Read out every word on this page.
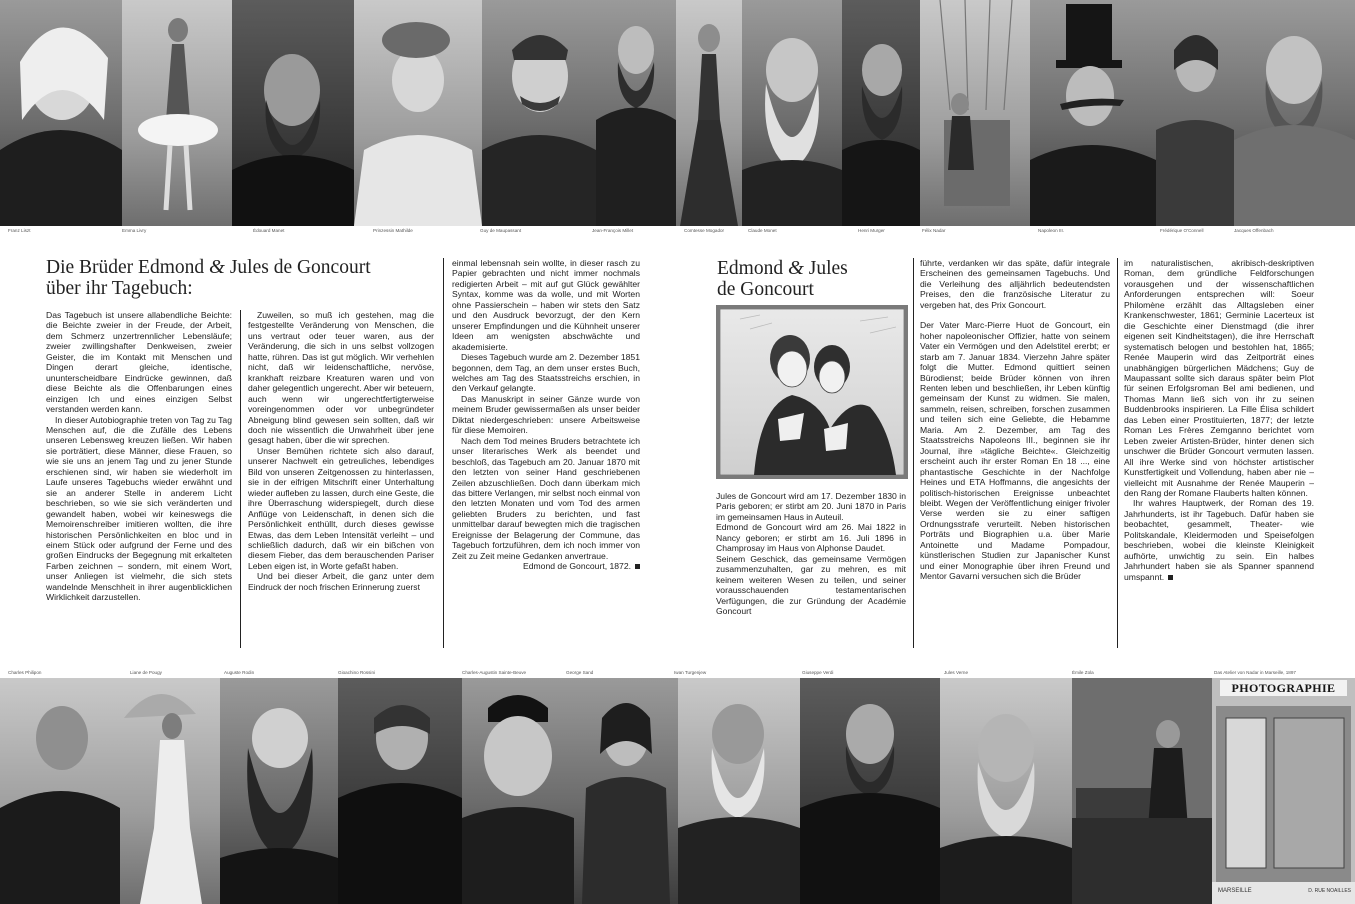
Franz Liszt	Emma Livry	Édouard Manet	Prinzessin Mathilde	Guy de Maupassant	Jean-François Millet	Comtesse Mogador	Claude Monet	Henri Murger	Félix Nadar	Napoleon III.	Frédérique O'Connell	Jacques Offenbach
Die Brüder Edmond & Jules de Goncourt
über ihr Tagebuch:

Das Tagebuch ist unsere allabendliche Beichte: die Beichte zweier in der Freude, der Arbeit, dem Schmerz unzertrennlicher Lebensläufe; zweier zwillingshafter Denkweisen, zweier Geister, die im Kontakt mit Menschen und Dingen derart gleiche, identische, ununterscheidbare Eindrücke gewinnen, daß diese Beichte als die Offenbarungen eines einzigen Ich und eines einzigen Selbst verstanden werden kann.

In dieser Autobiographie treten von Tag zu Tag Menschen auf, die die Zufälle des Lebens unseren Lebensweg kreuzen ließen. Wir haben sie porträtiert, diese Männer, diese Frauen, so wie sie uns an jenem Tag und zu jener Stunde erschienen sind, wir haben sie wiederholt im Laufe unseres Tagebuchs wieder erwähnt und sie an anderer Stelle in anderem Licht beschrieben, so wie sie sich veränderten und gewandelt haben, wobei wir keineswegs die Memoirenschreiber imitieren wollten, die ihre historischen Persönlichkeiten en bloc und in einem Stück oder aufgrund der Ferne und des großen Eindrucks der Begegnung mit erkalteten Farben zeichnen – sondern, mit einem Wort, unser Anliegen ist vielmehr, die sich stets wandelnde Menschheit in ihrer augenblicklichen Wirklichkeit darzustellen.

Zuweilen, so muß ich gestehen, mag die festgestellte Veränderung von Menschen, die uns vertraut oder teuer waren, aus der Veränderung, die sich in uns selbst vollzogen hatte, rühren. Das ist gut möglich. Wir verhehlen nicht, daß wir leidenschaftliche, nervöse, krankhaft reizbare Kreaturen waren und von daher gelegentlich ungerecht. Aber wir beteuern, auch wenn wir ungerechtfertigterweise voreingenommen oder vor unbegründeter Abneigung blind gewesen sein sollten, daß wir doch nie wissentlich die Unwahrheit über jene gesagt haben, über die wir sprechen.

Unser Bemühen richtete sich also darauf, unserer Nachwelt ein getreuliches, lebendiges Bild von unseren Zeitgenossen zu hinterlassen, sie in der eifrigen Mitschrift einer Unterhaltung wieder aufleben zu lassen, durch eine Geste, die ihre Überraschung widerspiegelt, durch diese Anflüge von Leidenschaft, in denen sich die Persönlichkeit enthüllt, durch dieses gewisse Etwas, das dem Leben Intensität verleiht – und schließlich dadurch, daß wir ein bißchen von diesem Fieber, das dem berauschenden Pariser Leben eigen ist, in Worte gefaßt haben.

Und bei dieser Arbeit, die ganz unter dem Eindruck der noch frischen Erinnerung zuerst

einmal lebensnah sein wollte, in dieser rasch zu Papier gebrachten und nicht immer nochmals redigierten Arbeit – mit auf gut Glück gewählter Syntax, komme was da wolle, und mit Worten ohne Passierschein – haben wir stets den Satz und den Ausdruck bevorzugt, der den Kern unserer Empfindungen und die Kühnheit unserer Ideen am wenigsten abschwächte und akademisierte.

Dieses Tagebuch wurde am 2. Dezember 1851 begonnen, dem Tag, an dem unser erstes Buch, welches am Tag des Staatsstreichs erschien, in den Verkauf gelangte.

Das Manuskript in seiner Gänze wurde von meinem Bruder gewissermaßen als unser beider Diktat niedergeschrieben: unsere Arbeitsweise für diese Memoiren.

Nach dem Tod meines Bruders betrachtete ich unser literarisches Werk als beendet und beschloß, das Tagebuch am 20. Januar 1870 mit den letzten von seiner Hand geschriebenen Zeilen abzuschließen. Doch dann überkam mich das bittere Verlangen, mir selbst noch einmal von den letzten Monaten und vom Tod des armen geliebten Bruders zu berichten, und fast unmittelbar darauf bewegten mich die tragischen Ereignisse der Belagerung der Commune, das Tagebuch fortzuführen, dem ich noch immer von Zeit zu Zeit meine Gedanken anvertraue.

Edmond de Goncourt, 1872.

Edmond & Jules
de Goncourt

Jules de Goncourt wird am 17. Dezember 1830 in Paris geboren; er stirbt am 20. Juni 1870 in Paris im gemeinsamen Haus in Auteuil.

Edmond de Goncourt wird am 26. Mai 1822 in Nancy geboren; er stirbt am 16. Juli 1896 in Champrosay im Haus von Alphonse Daudet.

Seinem Geschick, das gemeinsame Vermögen zusammenzuhalten, gar zu mehren, es mit keinem weiteren Wesen zu teilen, und seiner vorausschauenden testamentarischen Verfügungen, die zur Gründung der Académie Goncourt

führte, verdanken wir das späte, dafür integrale Erscheinen des gemeinsamen Tagebuchs. Und die Verleihung des alljährlich bedeutendsten Preises, den die französische Literatur zu vergeben hat, des Prix Goncourt.

Der Vater Marc-Pierre Huot de Goncourt, ein hoher napoleonischer Offizier, hatte von seinem Vater ein Vermögen und den Adelstitel ererbt; er starb am 7. Januar 1834. Vierzehn Jahre später folgt die Mutter. Edmond quittiert seinen Bürodienst; beide Brüder können von ihren Renten leben und beschließen, ihr Leben künftig gemeinsam der Kunst zu widmen. Sie malen, sammeln, reisen, schreiben, forschen zusammen und teilen sich eine Geliebte, die Hebamme Maria. Am 2. Dezember, am Tag des Staatsstreichs Napoleons III., beginnen sie ihr Journal, ihre »tägliche Beichte«. Gleichzeitig erscheint auch ihr erster Roman En 18 ..., eine phantastische Geschichte in der Nachfolge Heines und ETA Hoffmanns, die angesichts der politisch-historischen Ereignisse unbeachtet bleibt. Wegen der Veröffentlichung einiger frivoler Verse werden sie zu einer saftigen Ordnungsstrafe verurteilt. Neben historischen Porträts und Biographien u.a. über Marie Antoinette und Madame Pompadour, künstlerischen Studien zur Japanischer Kunst und einer Monographie über ihren Freund und Mentor Gavarni versuchen sich die Brüder

im naturalistischen, akribisch-deskriptiven Roman, dem gründliche Feldforschungen vorausgehen und der wissenschaftlichen Anforderungen entsprechen will: Soeur Philomène erzählt das Alltagsleben einer Krankenschwester, 1861; Germinie Lacerteux ist die Geschichte einer Dienstmagd (die ihrer eigenen seit Kindheitstagen), die ihre Herrschaft systematisch belogen und bestohlen hat, 1865; Renée Mauperin wird das Zeitporträt eines unabhängigen bürgerlichen Mädchens; Guy de Maupassant sollte sich daraus später beim Plot für seinen Erfolgsroman Bel ami bedienen, und Thomas Mann ließ sich von ihr zu seinen Buddenbrooks inspirieren. La Fille Élisa schildert das Leben einer Prostituierten, 1877; der letzte Roman Les Frères Zemganno berichtet vom Leben zweier Artisten-Brüder, hinter denen sich unschwer die Brüder Goncourt vermuten lassen. All ihre Werke sind von höchster artistischer Kunstfertigkeit und Vollendung, haben aber nie – vielleicht mit Ausnahme der Renée Mauperin – den Rang der Romane Flauberts halten können.

Ihr wahres Hauptwerk, der Roman des 19. Jahrhunderts, ist ihr Tagebuch. Dafür haben sie beobachtet, gesammelt, Theater- wie Politskandale, Kleidermoden und Speisefolgen beschrieben, wobei die kleinste Kleinigkeit aufhörte, unwichtig zu sein. Ein halbes Jahrhundert haben sie als Spanner spannend umspannt.

Charles Philipon	Liane de Pougy	Auguste Rodin	Gioachino Rossini	Charles-Augustin Sainte-Beuve	George Sand	Iwan Turgenjew	Giuseppe Verdi	Jules Verne	Émile Zola	Das Atelier von Nadar in Marseille, 1897
PHOTOGRAPHIE
MARSEILLE	D. RUE NOAILLES
